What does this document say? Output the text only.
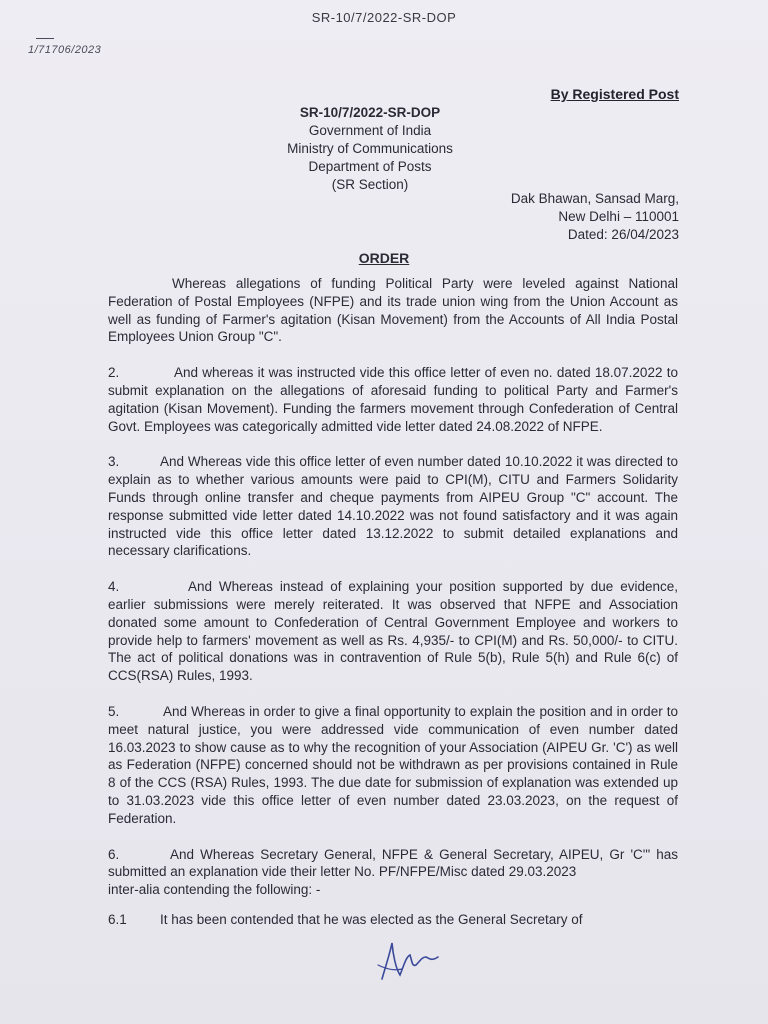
SR-10/7/2022-SR-DOP
1/71706/2023
By Registered Post
SR-10/7/2022-SR-DOP
Government of India
Ministry of Communications
Department of Posts
(SR Section)
Dak Bhawan, Sansad Marg,
New Delhi – 110001
Dated: 26/04/2023
ORDER

Whereas allegations of funding Political Party were leveled against National Federation of Postal Employees (NFPE) and its trade union wing from the Union Account as well as funding of Farmer's agitation (Kisan Movement) from the Accounts of All India Postal Employees Union Group "C".

2.	And whereas it was instructed vide this office letter of even no. dated 18.07.2022 to submit explanation on the allegations of aforesaid funding to political Party and Farmer's agitation (Kisan Movement). Funding the farmers movement through Confederation of Central Govt. Employees was categorically admitted vide letter dated 24.08.2022 of NFPE.

3.	And Whereas vide this office letter of even number dated 10.10.2022 it was directed to explain as to whether various amounts were paid to CPI(M), CITU and Farmers Solidarity Funds through online transfer and cheque payments from AIPEU Group "C" account. The response submitted vide letter dated 14.10.2022 was not found satisfactory and it was again instructed vide this office letter dated 13.12.2022 to submit detailed explanations and necessary clarifications.

4.	And Whereas instead of explaining your position supported by due evidence, earlier submissions were merely reiterated. It was observed that NFPE and Association donated some amount to Confederation of Central Government Employee and workers to provide help to farmers' movement as well as Rs. 4,935/- to CPI(M) and Rs. 50,000/- to CITU. The act of political donations was in contravention of Rule 5(b), Rule 5(h) and Rule 6(c) of CCS(RSA) Rules, 1993.

5.	And Whereas in order to give a final opportunity to explain the position and in order to meet natural justice, you were addressed vide communication of even number dated 16.03.2023 to show cause as to why the recognition of your Association (AIPEU Gr. 'C') as well as Federation (NFPE) concerned should not be withdrawn as per provisions contained in Rule 8 of the CCS (RSA) Rules, 1993. The due date for submission of explanation was extended up to 31.03.2023 vide this office letter of even number dated 23.03.2023, on the request of Federation.

6.	And Whereas Secretary General, NFPE & General Secretary, AIPEU, Gr 'C'" has submitted an explanation vide their letter No. PF/NFPE/Misc dated 29.03.2023

inter-alia contending the following: -

6.1 It has been contended that he was elected as the General Secretary of
